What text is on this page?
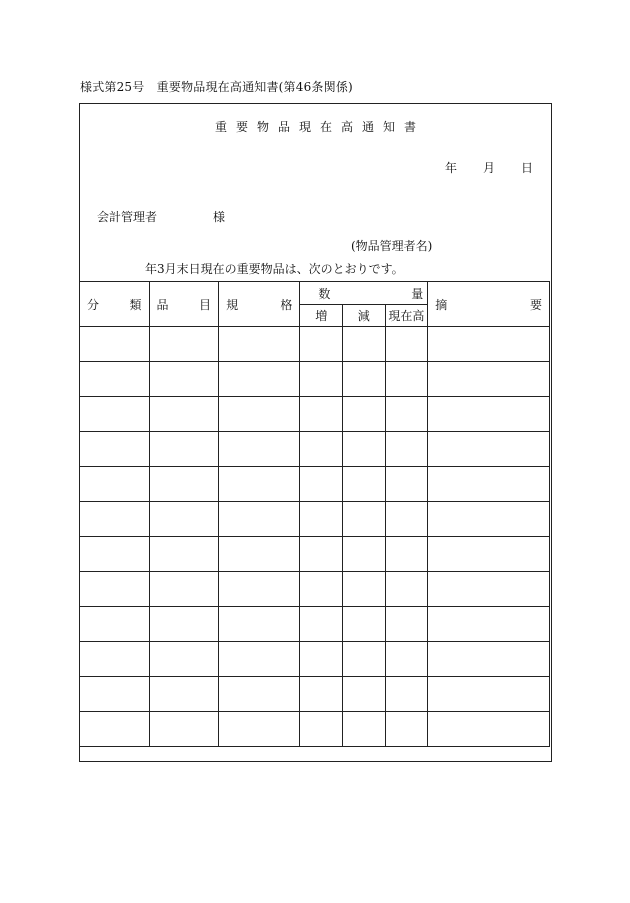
様式第25号　重要物品現在高通知書(第46条関係)
重要物品現在高通知書
年 月 日
会計管理者	様
(物品管理者名)
年3月末日現在の重要物品は、次のとおりです。
分 類	品 目	規 格	数 量			摘 要

			増	減	現在高	
